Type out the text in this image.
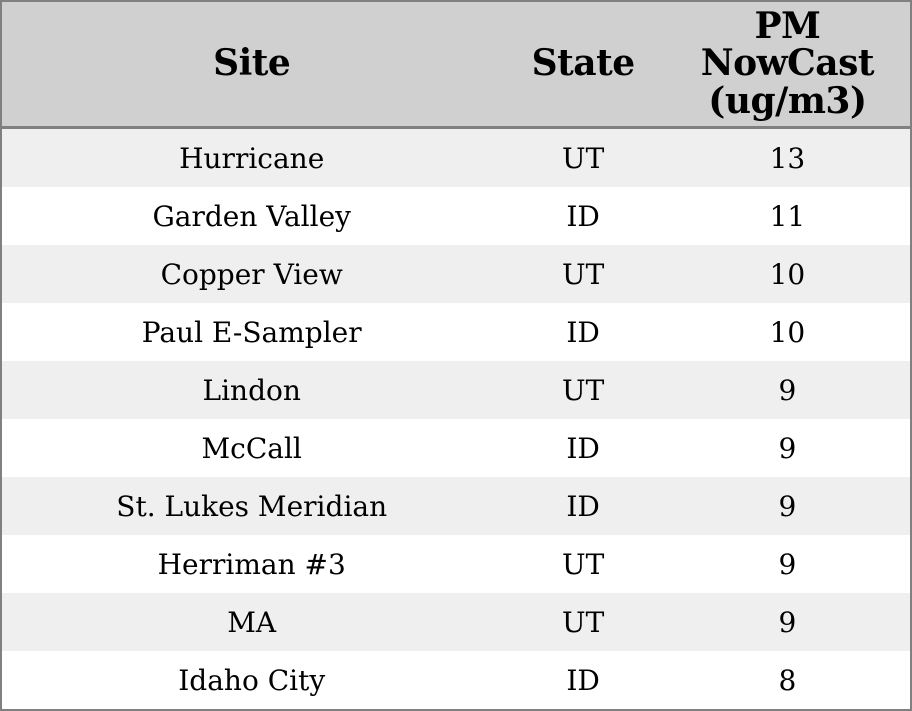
Site	State	PM NowCast (ug/m3)
Hurricane	UT	13
Garden Valley	ID	11
Copper View	UT	10
Paul E-Sampler	ID	10
Lindon	UT	9
McCall	ID	9
St. Lukes Meridian	ID	9
Herriman #3	UT	9
MA	UT	9
Idaho City	ID	8
